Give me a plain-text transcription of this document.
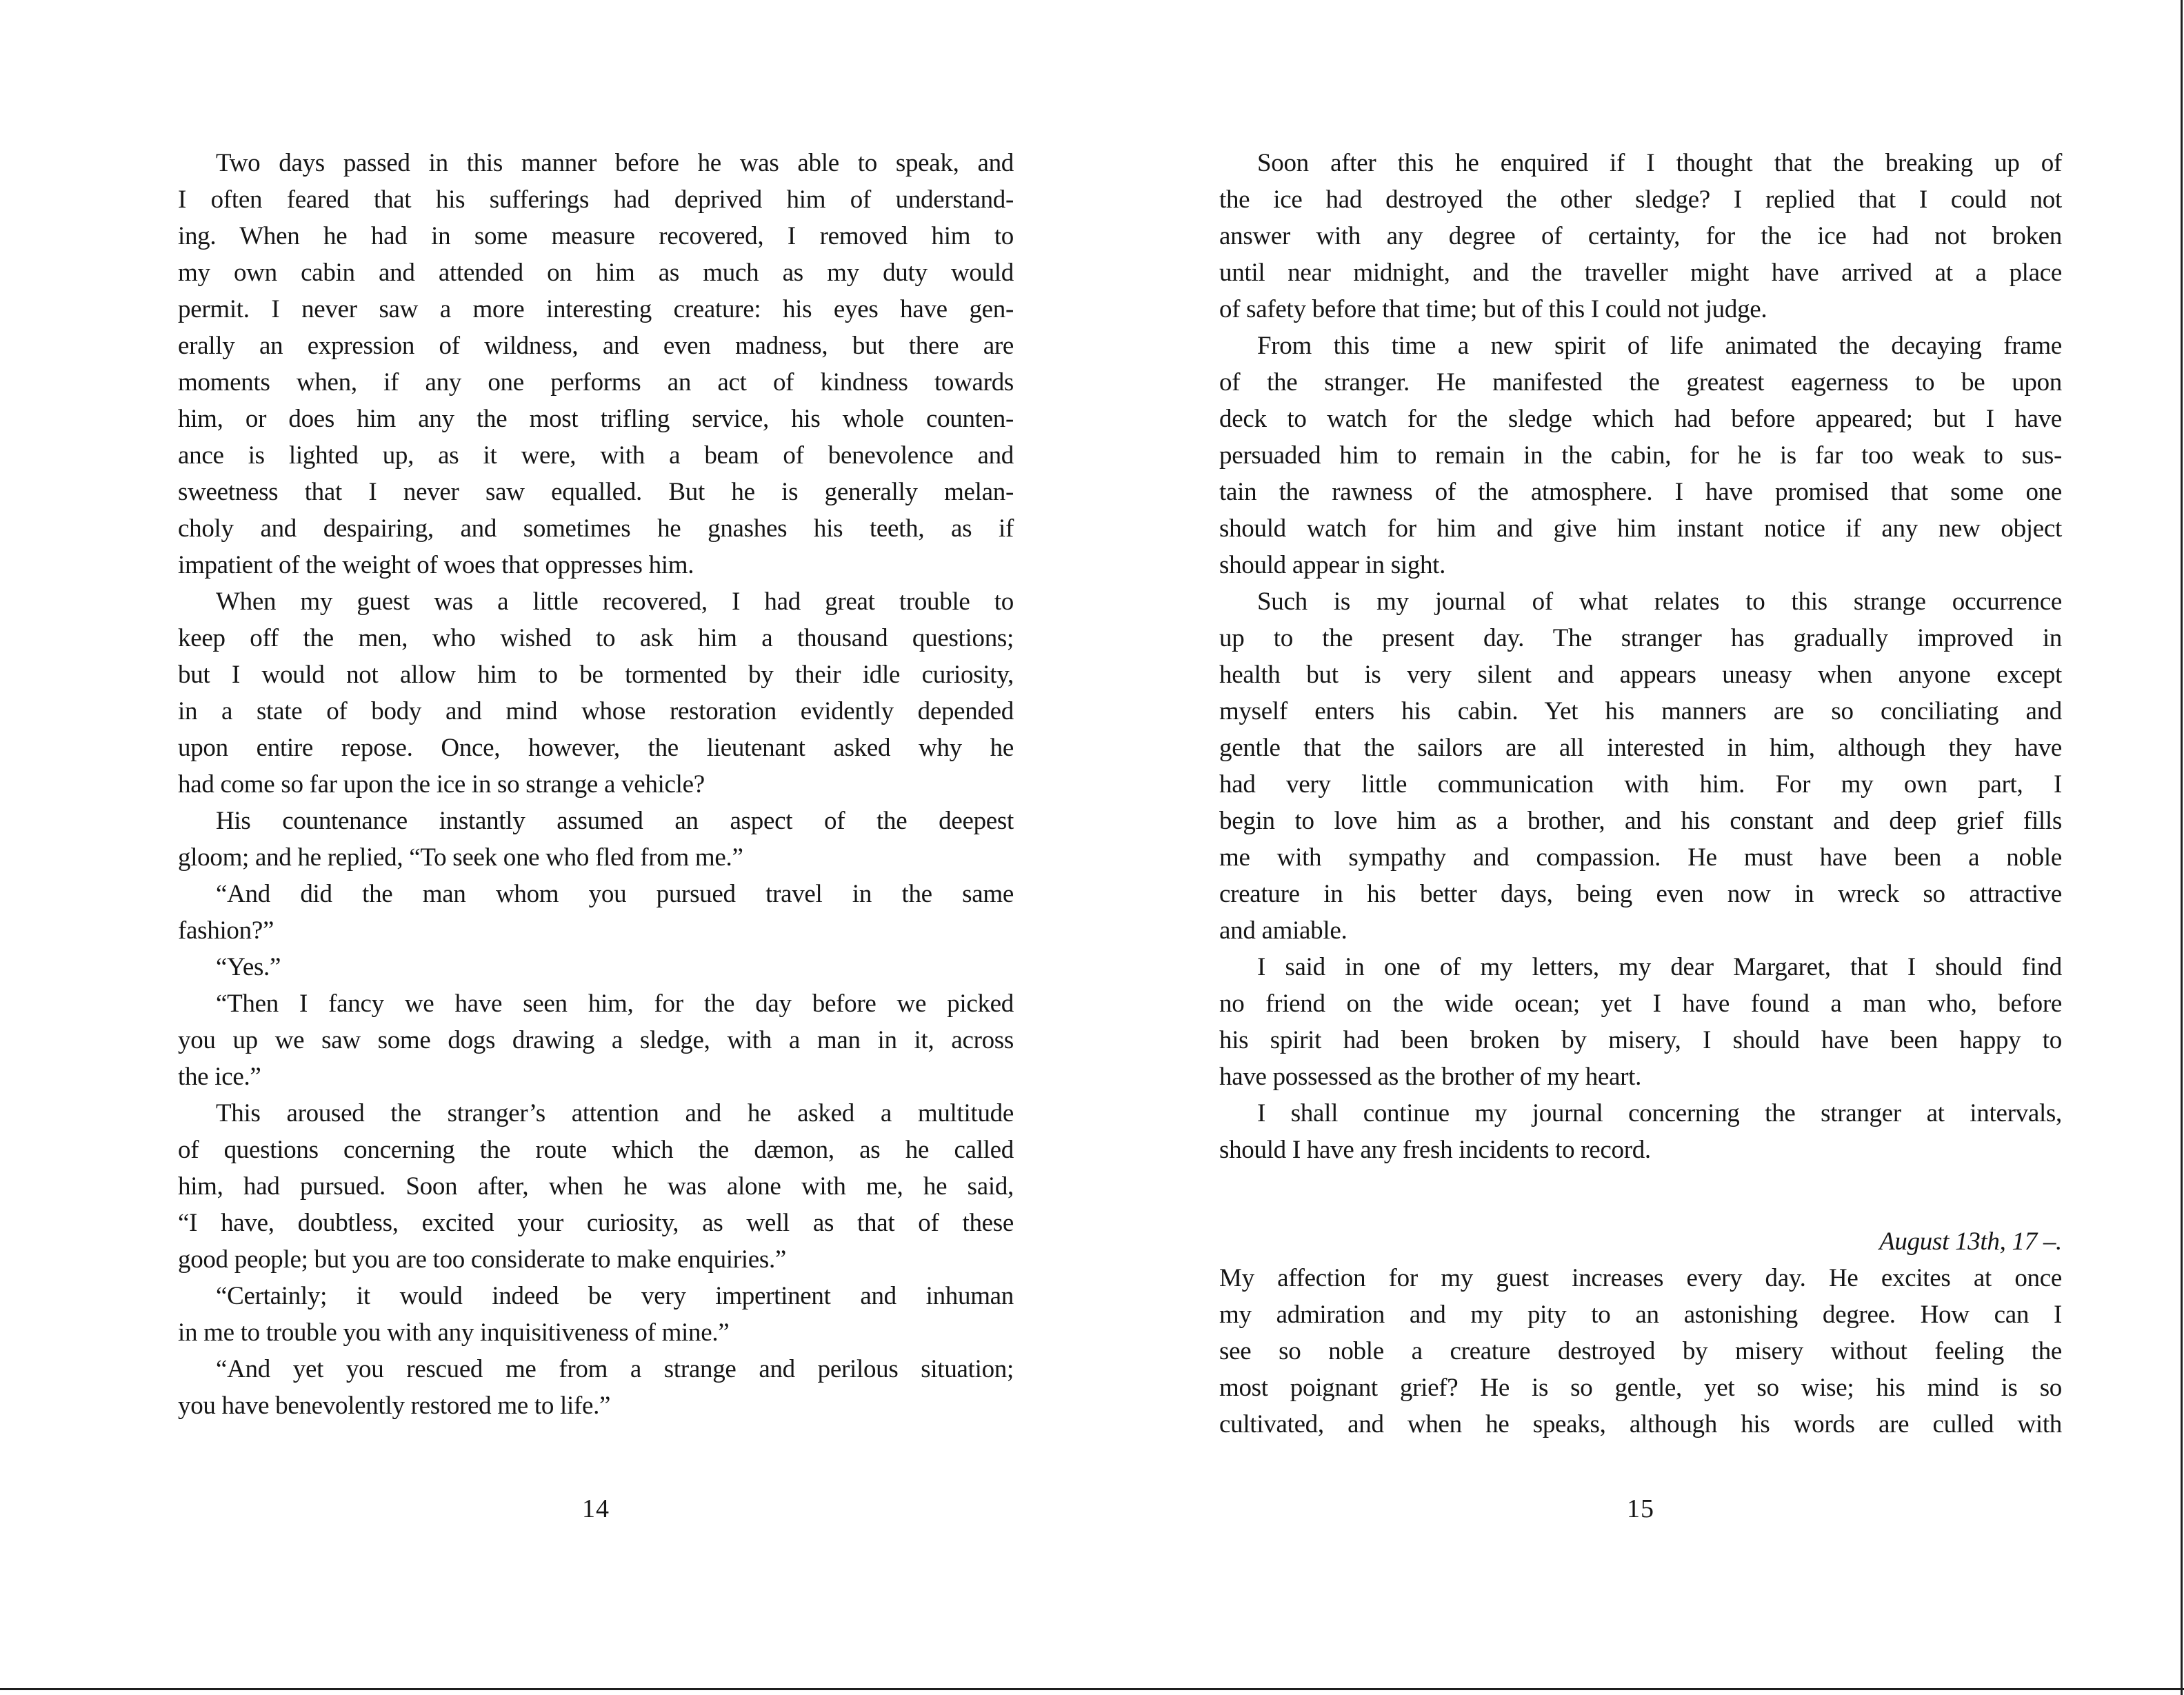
Two days passed in this manner before he was able to speak, and
I often feared that his sufferings had deprived him of understand-
ing. When he had in some measure recovered, I removed him to
my own cabin and attended on him as much as my duty would
permit. I never saw a more interesting creature: his eyes have gen-
erally an expression of wildness, and even madness, but there are
moments when, if any one performs an act of kindness towards
him, or does him any the most trifling service, his whole counten-
ance is lighted up, as it were, with a beam of benevolence and
sweetness that I never saw equalled. But he is generally melan-
choly and despairing, and sometimes he gnashes his teeth, as if
impatient of the weight of woes that oppresses him.
When my guest was a little recovered, I had great trouble to
keep off the men, who wished to ask him a thousand questions;
but I would not allow him to be tormented by their idle curiosity,
in a state of body and mind whose restoration evidently depended
upon entire repose. Once, however, the lieutenant asked why he
had come so far upon the ice in so strange a vehicle?
His countenance instantly assumed an aspect of the deepest
gloom; and he replied, “To seek one who fled from me.”
“And did the man whom you pursued travel in the same
fashion?”
“Yes.”
“Then I fancy we have seen him, for the day before we picked
you up we saw some dogs drawing a sledge, with a man in it, across
the ice.”
This aroused the stranger’s attention and he asked a multitude
of questions concerning the route which the dæmon, as he called
him, had pursued. Soon after, when he was alone with me, he said,
“I have, doubtless, excited your curiosity, as well as that of these
good people; but you are too considerate to make enquiries.”
“Certainly; it would indeed be very impertinent and inhuman
in me to trouble you with any inquisitiveness of mine.”
“And yet you rescued me from a strange and perilous situation;
you have benevolently restored me to life.”
Soon after this he enquired if I thought that the breaking up of
the ice had destroyed the other sledge? I replied that I could not
answer with any degree of certainty, for the ice had not broken
until near midnight, and the traveller might have arrived at a place
of safety before that time; but of this I could not judge.
From this time a new spirit of life animated the decaying frame
of the stranger. He manifested the greatest eagerness to be upon
deck to watch for the sledge which had before appeared; but I have
persuaded him to remain in the cabin, for he is far too weak to sus-
tain the rawness of the atmosphere. I have promised that some one
should watch for him and give him instant notice if any new object
should appear in sight.
Such is my journal of what relates to this strange occurrence
up to the present day. The stranger has gradually improved in
health but is very silent and appears uneasy when anyone except
myself enters his cabin. Yet his manners are so conciliating and
gentle that the sailors are all interested in him, although they have
had very little communication with him. For my own part, I
begin to love him as a brother, and his constant and deep grief fills
me with sympathy and compassion. He must have been a noble
creature in his better days, being even now in wreck so attractive
and amiable.
I said in one of my letters, my dear Margaret, that I should find
no friend on the wide ocean; yet I have found a man who, before
his spirit had been broken by misery, I should have been happy to
have possessed as the brother of my heart.
I shall continue my journal concerning the stranger at intervals,
should I have any fresh incidents to record.
August 13th, 17 –.
My affection for my guest increases every day. He excites at once
my admiration and my pity to an astonishing degree. How can I
see so noble a creature destroyed by misery without feeling the
most poignant grief? He is so gentle, yet so wise; his mind is so
cultivated, and when he speaks, although his words are culled with
14	15
